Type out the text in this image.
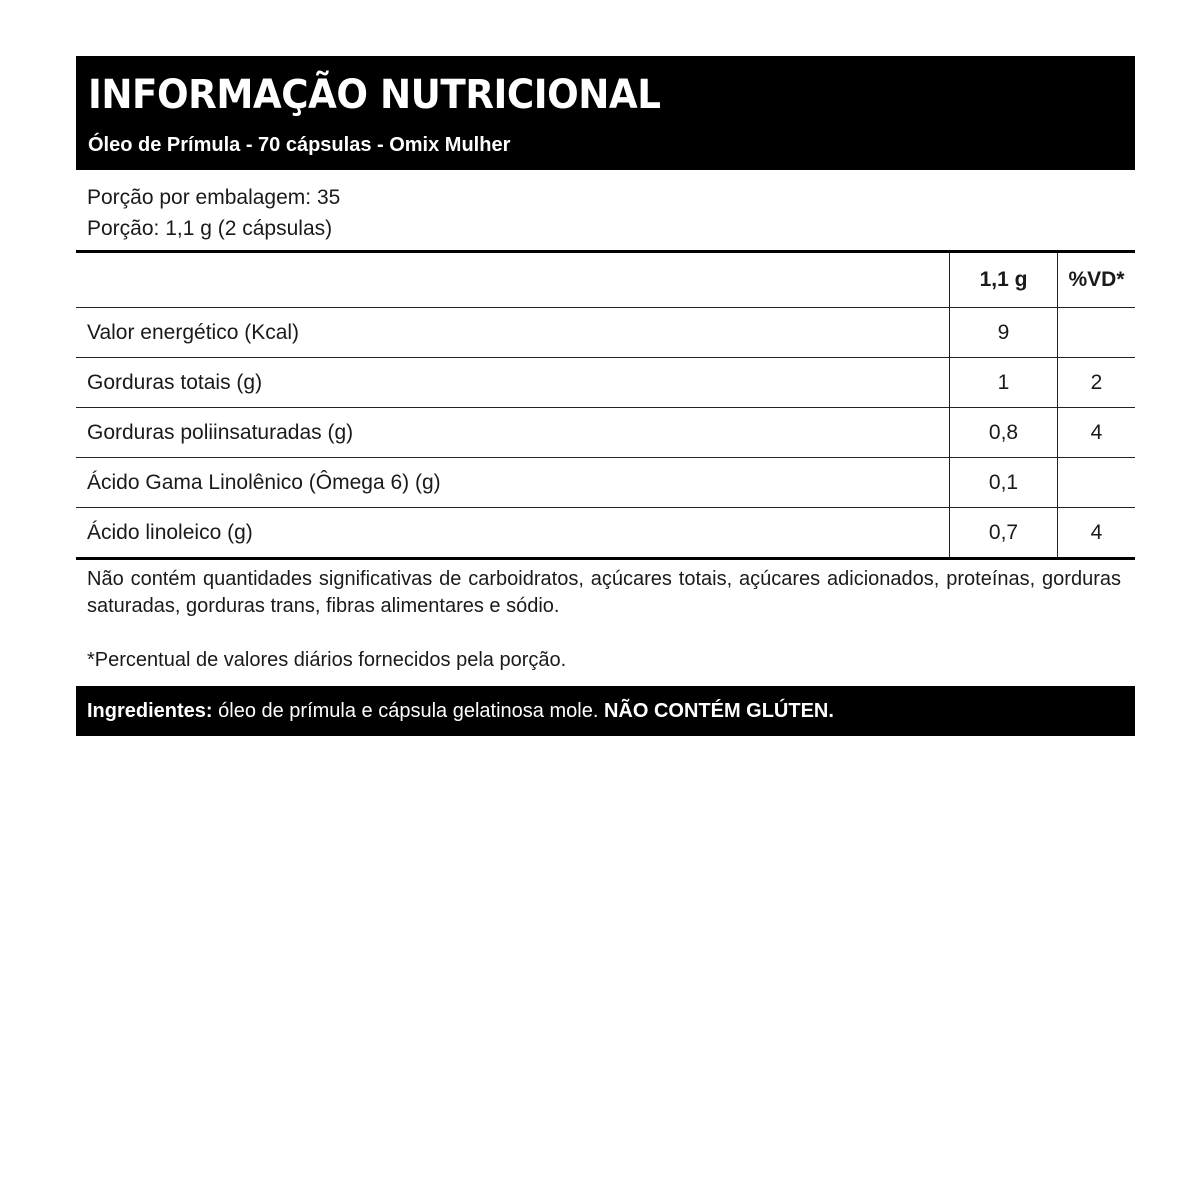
INFORMAÇÃO NUTRICIONAL
Óleo de Prímula - 70 cápsulas - Omix Mulher
Porção por embalagem: 35
Porção: 1,1 g (2 cápsulas)
	1,1 g	%VD*
Valor energético (Kcal)	9	
Gorduras totais (g)	1	2
Gorduras poliinsaturadas (g)	0,8	4
Ácido Gama Linolênico (Ômega 6) (g)	0,1	
Ácido linoleico (g)	0,7	4
Não contém quantidades significativas de carboidratos, açúcares totais, açúcares adicionados, proteínas, gorduras saturadas, gorduras trans, fibras alimentares e sódio.
*Percentual de valores diários fornecidos pela porção.
Ingredientes: óleo de prímula e cápsula gelatinosa mole. NÃO CONTÉM GLÚTEN.
